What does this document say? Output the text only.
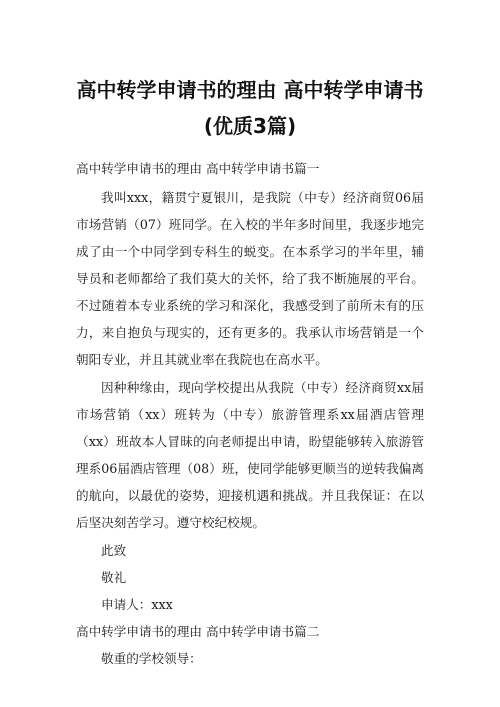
高中转学申请书的理由 高中转学申请书
(优质3篇)

高中转学申请书的理由 高中转学申请书篇一

我叫xxx，籍贯宁夏银川，是我院（中专）经济商贸06届市场营销（07）班同学。在入校的半年多时间里，我逐步地完成了由一个中同学到专科生的蜕变。在本系学习的半年里，辅导员和老师都给了我们莫大的关怀，给了我不断施展的平台。不过随着本专业系统的学习和深化，我感受到了前所未有的压力，来自抱负与现实的，还有更多的。我承认市场营销是一个朝阳专业，并且其就业率在我院也在高水平。

因种种缘由，现向学校提出从我院（中专）经济商贸xx届市场营销（xx）班转为（中专）旅游管理系xx届酒店管理（xx）班故本人冒昧的向老师提出申请，盼望能够转入旅游管理系06届酒店管理（08）班，使同学能够更顺当的逆转我偏离的航向，以最优的姿势，迎接机遇和挑战。并且我保证：在以后坚决刻苦学习。遵守校纪校规。

此致

敬礼

申请人：xxx

高中转学申请书的理由 高中转学申请书篇二

敬重的学校领导：
